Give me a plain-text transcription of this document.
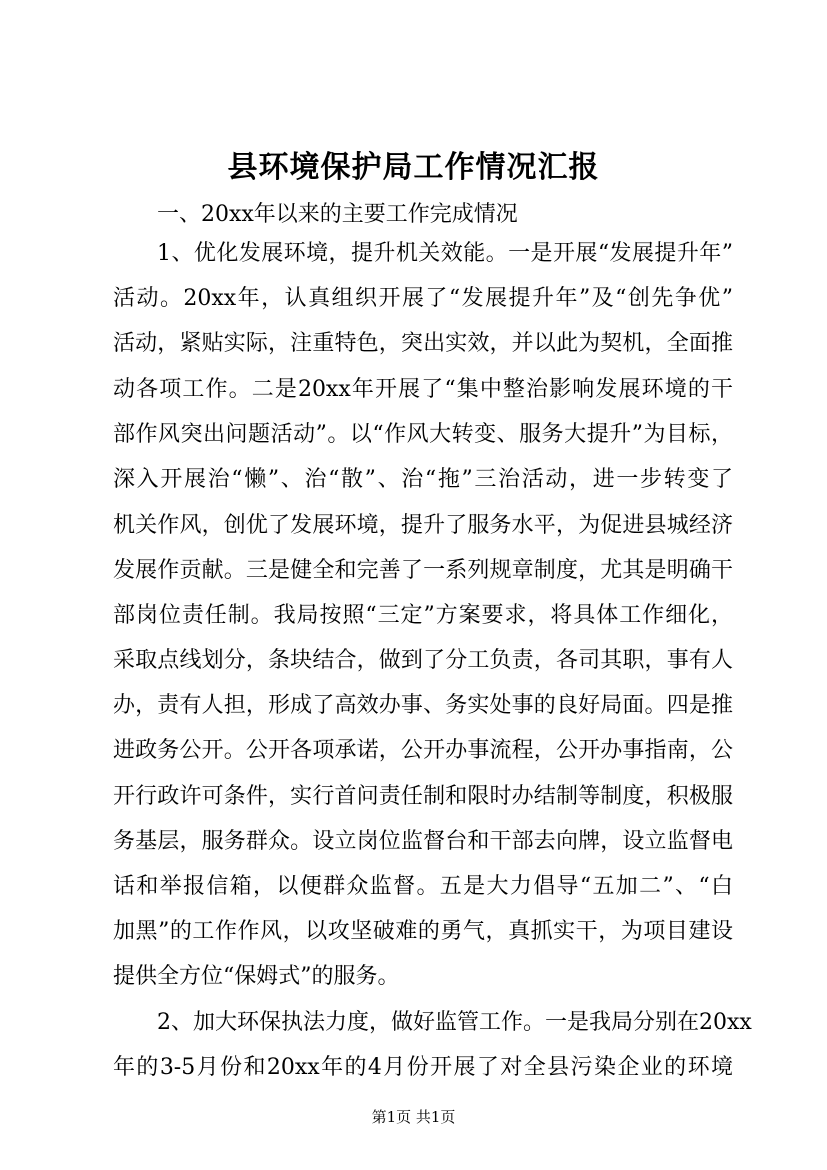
县环境保护局工作情况汇报
一、20xx年以来的主要工作完成情况
1、优化发展环境，提升机关效能。一是开展“发展提升年”
活动。20xx年，认真组织开展了“发展提升年”及“创先争优”
活动，紧贴实际，注重特色，突出实效，并以此为契机，全面推
动各项工作。二是20xx年开展了“集中整治影响发展环境的干
部作风突出问题活动”。以“作风大转变、服务大提升”为目标，
深入开展治“懒”、治“散”、治“拖”三治活动，进一步转变了
机关作风，创优了发展环境，提升了服务水平，为促进县城经济
发展作贡献。三是健全和完善了一系列规章制度，尤其是明确干
部岗位责任制。我局按照“三定”方案要求，将具体工作细化，
采取点线划分，条块结合，做到了分工负责，各司其职，事有人
办，责有人担，形成了高效办事、务实处事的良好局面。四是推
进政务公开。公开各项承诺，公开办事流程，公开办事指南，公
开行政许可条件，实行首问责任制和限时办结制等制度，积极服
务基层，服务群众。设立岗位监督台和干部去向牌，设立监督电
话和举报信箱，以便群众监督。五是大力倡导“五加二”、“白
加黑”的工作作风，以攻坚破难的勇气，真抓实干，为项目建设
提供全方位“保姆式”的服务。
2、加大环保执法力度，做好监管工作。一是我局分别在20xx
年的3-5月份和20xx年的4月份开展了对全县污染企业的环境
第1页 共1页
